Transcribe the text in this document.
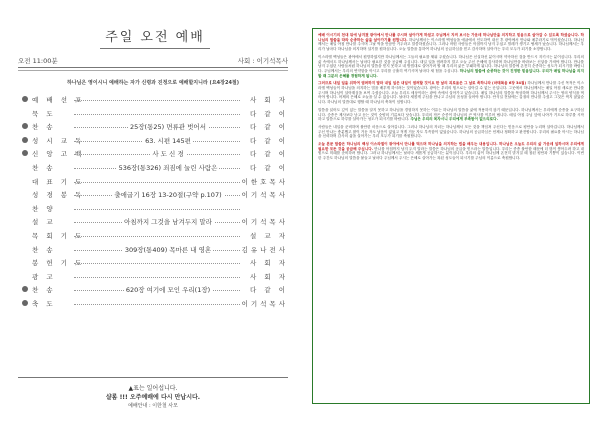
주일 오전 예배
오전 11:00분	사회 : 이기석목사
하나님은 영이시니 예배하는 자가 신령과 진정으로 예배할지니라 (요4장24절)
예 배 선 포	사 회 자
묵 도	다 같 이
찬 송	25장(통25) 면류관 벗어서	다 같 이
성 시 교 독	63. 시편 145편	다 같 이
신 앙 고 백	사 도 신 경	다 같 이
찬 송	536장(통326) 죄짐에 눌린 사람은	다 같 이
대 표 기 도	이한호목사
성 경 봉 독	출애굽기 16장 13-20절(구약 p.107)	이기석목사
찬 양
설 교	아침까지 그것을 남겨두지 말라	이기석목사
목 회 기 도	설 교 자
찬 송	309장(통409) 목마른 내 영혼	김유나전사
봉 헌 기 도	사 회 자
광 고	사 회 자
찬 송	620장 여기에 모인 우리(1장)	다 같 이
축 도	이기석목사
▲표는 일어섭니다.
샬롬 !!! 오주예배에 다시 만납시다.
예배안내 : 이한철 사모

예배 이시기의 천대 뒤에 남겨졌 광야에서 만나를 주시며 살아가게 하셨고 주님께서 지켜 보시는 가운데 하나님만을 의지하고 믿음으로 살아갈 수 있도록 하셨습니다. 하나님의 말씀을 따라 순종하는 삶을 살아가기를 원합니다. 하나님께서는 이스라엘 백성들을 애굽에서 인도하여 내신 후 광야에서 만나와 메추라기로 먹이셨습니다. 하나님께서는 매일 아침 만나를 주시며 그날 먹을 만큼만 거두라고 말씀하셨습니다. 그러나 어떤 사람들은 아침까지 남겨 두었고 벌레가 생기고 냄새가 났습니다. 하나님께서는 우리가 날마다 하나님을 의지하며 살기를 원하십니다. 오늘 말씀을 통하여 하나님의 공급하심을 믿고 감사하며 살아가는 우리 모두가 되기를 소망합니다.

이스라엘 백성들은 광야에서 원망하였지만 하나님께서는 그들의 필요를 채워 주셨습니다. 하나님은 신실하신 분이시며 약속하신 것을 반드시 지키시는 분이십니다. 우리의 삶 속에서도 하나님께서는 날마다 필요한 것을 공급해 주십니다. 내일 일을 염려하지 말고 오늘 주신 은혜에 감사하며 하나님만을 바라보는 신앙을 가져야 합니다. 만나를 남겨 두었던 사람들처럼 하나님의 말씀을 믿지 못하고 내 방법대로 살아가려 할 때 우리의 삶은 부패하게 됩니다. 하나님의 말씀에 온전히 순종하는 성도가 되시기를 바랍니다. 주님께서는 우리의 연약함을 아시고 우리를 긍휼히 여기시며 날마다 새 힘을 주십니다. 하나님의 말씀에 순종하는 것이 진정한 믿음입니다. 우리가 매일 하나님을 의지할 때 그분의 은혜를 경험하게 됩니다.

그러므로 내일 일을 위하여 염려하지 말라 내일 일은 내일이 염려할 것이요 한 날의 괴로움은 그 날로 족하니라 (마태복음 6장 34절) 하나님께서 만나를 주신 목적은 이스라엘 백성들이 하나님을 의지하는 법을 배우게 하시려는 것이었습니다. 광야는 우리의 힘으로는 살아갈 수 없는 곳입니다. 그곳에서 하나님께서는 매일 아침 새로운 만나를 주시며 하나님이 살아계심을 보여 주셨습니다. 오늘 우리도 세상이라는 광야 속에서 살아가고 있습니다. 매일 하나님의 말씀을 묵상하며 하나님께서 주시는 영의 양식을 먹어야 합니다. 어제의 은혜로 오늘을 살 수 없습니다. 날마다 새롭게 주님을 만나고 주님의 음성을 들어야 합니다. 안식일 전날에는 갑절의 만나를 주셨고 그것은 썩지 않았습니다. 하나님의 말씀대로 행할 때 하나님의 축복이 임합니다.

말씀을 읽어도 깊이 있는 말씀을 알지 못하고 하나님을 경험하지 못하는 이유는 하나님의 말씀을 삶에 적용하지 않기 때문입니다. 하나님께서는 우리에게 순종을 요구하십니다. 순종은 제사보다 낫고 듣는 것이 숫양의 기름보다 낫습니다. 우리의 작은 순종이 하나님의 큰 역사를 이루어 냅니다. 매일 아침 주님 앞에 나아가 기도로 하루를 시작하고 말씀으로 하루를 살아가는 성도가 되시기를 바랍니다. 주님은 우리의 목자시니 우리에게 부족함이 없으리로다.

사람들은 내일을 준비하며 불안한 마음으로 살아갑니다. 그러나 하나님의 자녀는 하나님께서 모든 것을 책임져 주신다는 믿음으로 평안을 누리며 살아갑니다. 하나님께서 주신 만나는 충분했고 많이 거둔 자도 남음이 없었고 적게 거둔 자도 부족함이 없었습니다. 하나님의 공급하심은 언제나 정확하고 완전합니다. 우리의 필요를 아시는 하나님을 신뢰하며 감사의 삶을 살아가는 우리 모두가 되기를 축원합니다.

오늘 본문 말씀은 하나님의 백성 이스라엘이 광야에서 만나를 먹으며 하나님을 의지하는 법을 배우는 내용입니다. 하나님은 오늘도 우리의 삶 가운데 일하시며 우리에게 필요한 모든 것을 공급해 주십니다. 만나를 아침까지 남겨 두지 말라는 말씀은 하나님의 공급을 믿으라는 말씀입니다. 우리는 종종 불안함 때문에 더 많이 쌓아두려 하고 내 힘으로 미래를 준비하려 합니다. 그러나 하나님께서는 날마다 새롭게 공급하시는 분이십니다. 우리의 삶이 하나님께 온전히 맡겨질 때 참된 평안과 기쁨이 있습니다. 이번 한 주간도 하나님의 말씀을 붙들고 날마다 주님께서 주시는 은혜로 살아가는 복된 성도들이 되시기를 주님의 이름으로 축원합니다.
